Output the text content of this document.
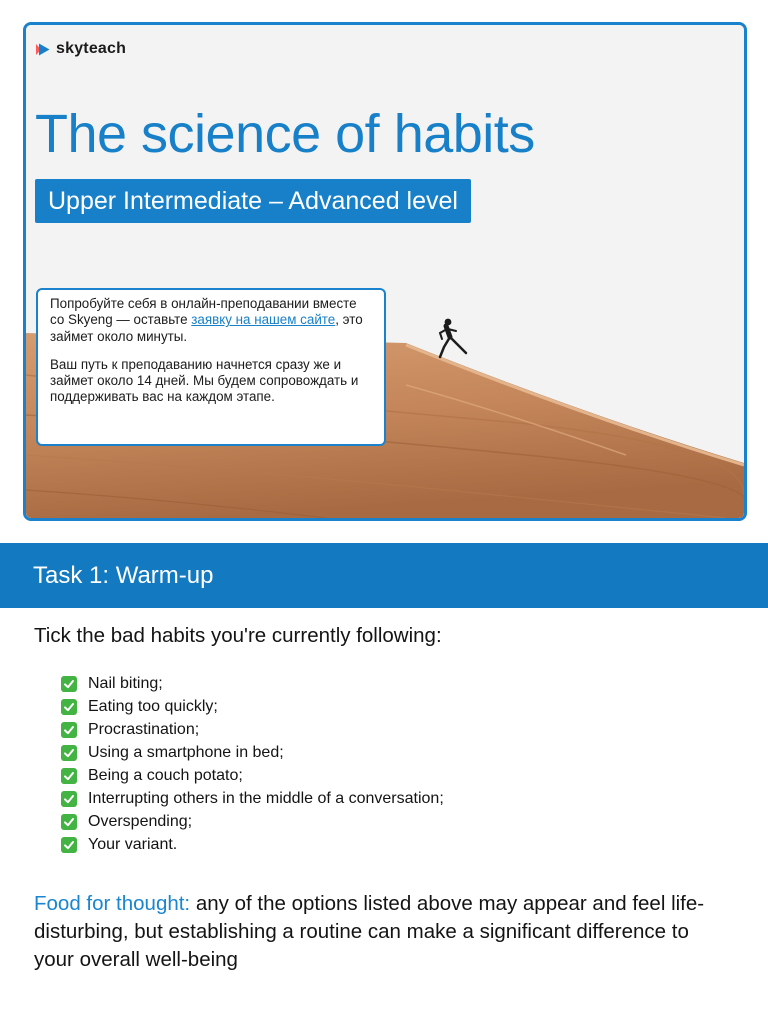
skyteach
The science of habits
Upper Intermediate – Advanced level

Попробуйте себя в онлайн-преподавании вместе со Skyeng — оставьте заявку на нашем сайте, это займет около минуты.

Ваш путь к преподаванию начнется сразу же и займет около 14 дней. Мы будем сопровождать и поддерживать вас на каждом этапе.

Task 1: Warm-up

Tick the bad habits you're currently following:

Nail biting;
Eating too quickly;
Procrastination;
Using a smartphone in bed;
Being a couch potato;
Interrupting others in the middle of a conversation;
Overspending;
Your variant.

Food for thought: any of the options listed above may appear and feel life-disturbing, but establishing a routine can make a significant difference to your overall well-being
